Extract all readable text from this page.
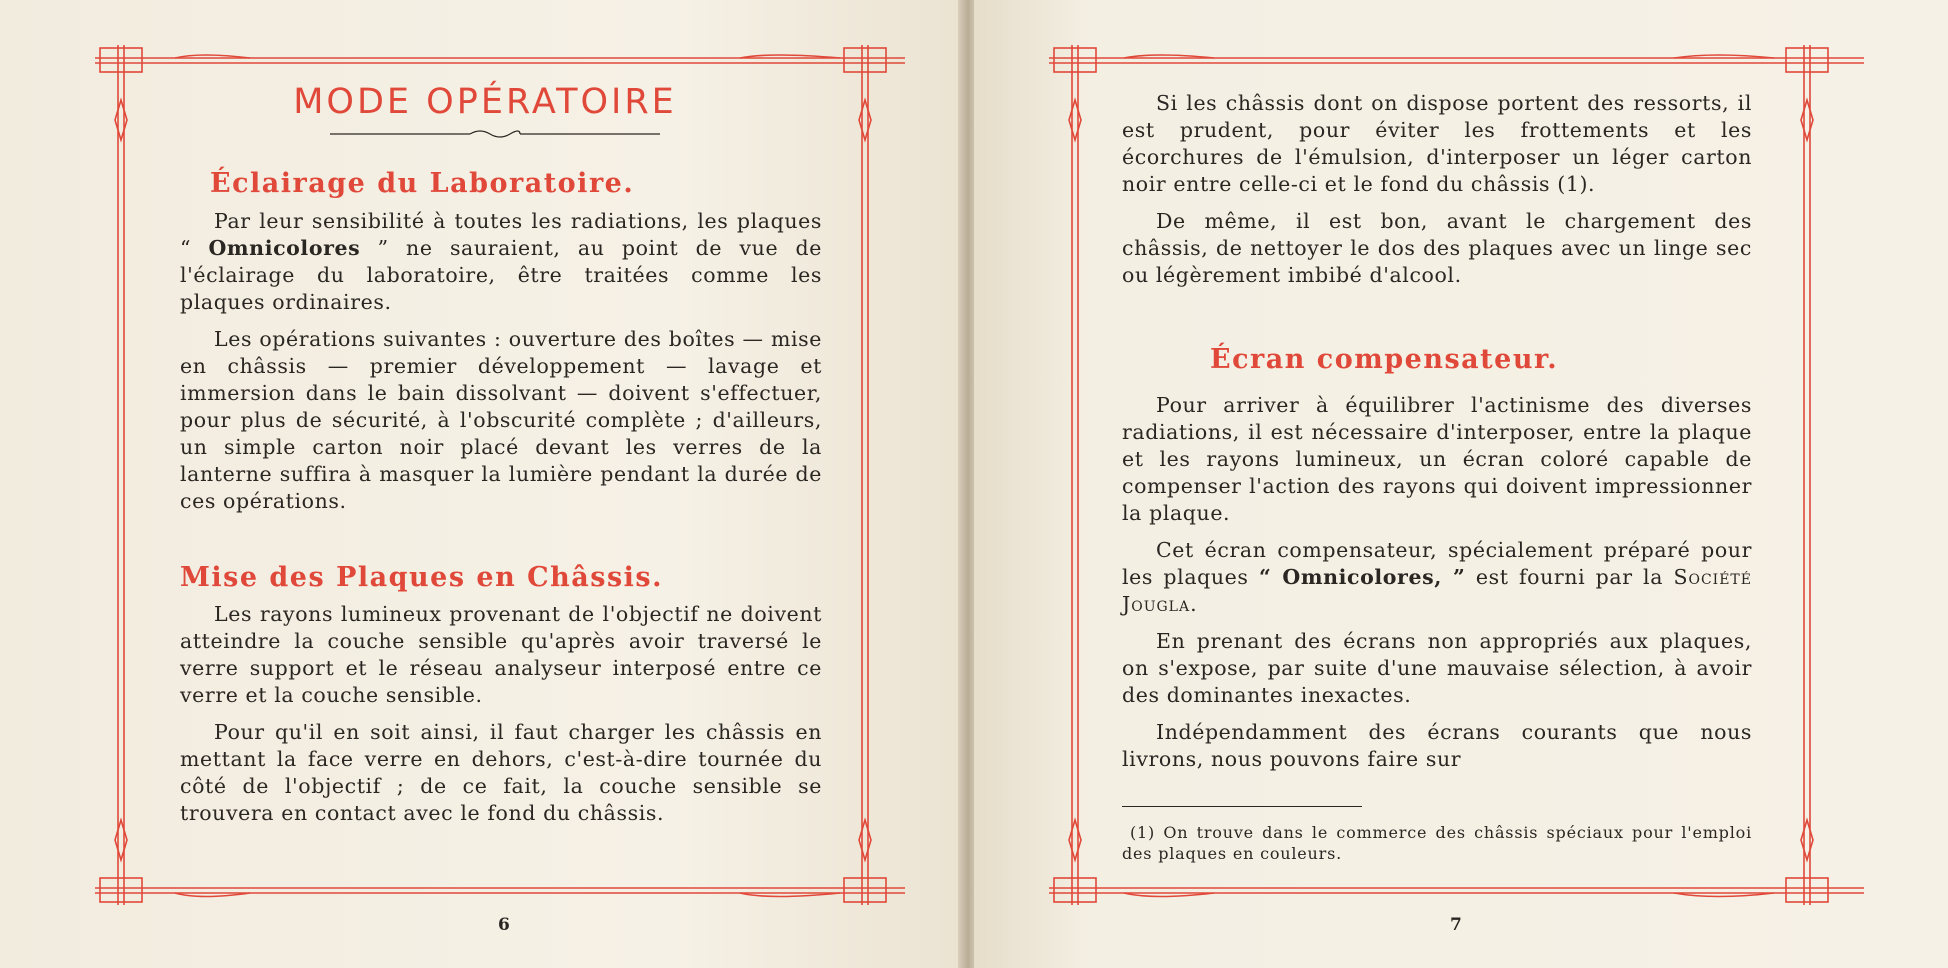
MODE OPÉRATOIRE
Éclairage du Laboratoire.

Par leur sensibilité à toutes les radiations, les plaques “ Omnicolores ” ne sauraient, au point de vue de l'éclairage du laboratoire, être traitées comme les plaques ordinaires.

Les opérations suivantes : ouverture des boîtes — mise en châssis — premier développement — lavage et immersion dans le bain dissolvant — doivent s'effectuer, pour plus de sécurité, à l'obscurité complète ; d'ailleurs, un simple carton noir placé devant les verres de la lanterne suffira à masquer la lumière pendant la durée de ces opérations.

Mise des Plaques en Châssis.

Les rayons lumineux provenant de l'objectif ne doivent atteindre la couche sensible qu'après avoir traversé le verre support et le réseau analyseur interposé entre ce verre et la couche sensible.

Pour qu'il en soit ainsi, il faut charger les châssis en mettant la face verre en dehors, c'est-à-dire tournée du côté de l'objectif ; de ce fait, la couche sensible se trouvera en contact avec le fond du châssis.

6

Si les châssis dont on dispose portent des ressorts, il est prudent, pour éviter les frottements et les écorchures de l'émulsion, d'interposer un léger carton noir entre celle-ci et le fond du châssis (1).

De même, il est bon, avant le chargement des châssis, de nettoyer le dos des plaques avec un linge sec ou légèrement imbibé d'alcool.

Écran compensateur.

Pour arriver à équilibrer l'actinisme des diverses radiations, il est nécessaire d'interposer, entre la plaque et les rayons lumineux, un écran coloré capable de compenser l'action des rayons qui doivent impressionner la plaque.

Cet écran compensateur, spécialement préparé pour les plaques “ Omnicolores, ” est fourni par la Société Jougla.

En prenant des écrans non appropriés aux plaques, on s'expose, par suite d'une mauvaise sélection, à avoir des dominantes inexactes.

Indépendamment des écrans courants que nous livrons, nous pouvons faire sur

(1) On trouve dans le commerce des châssis spéciaux pour l'emploi des plaques en couleurs.
7
